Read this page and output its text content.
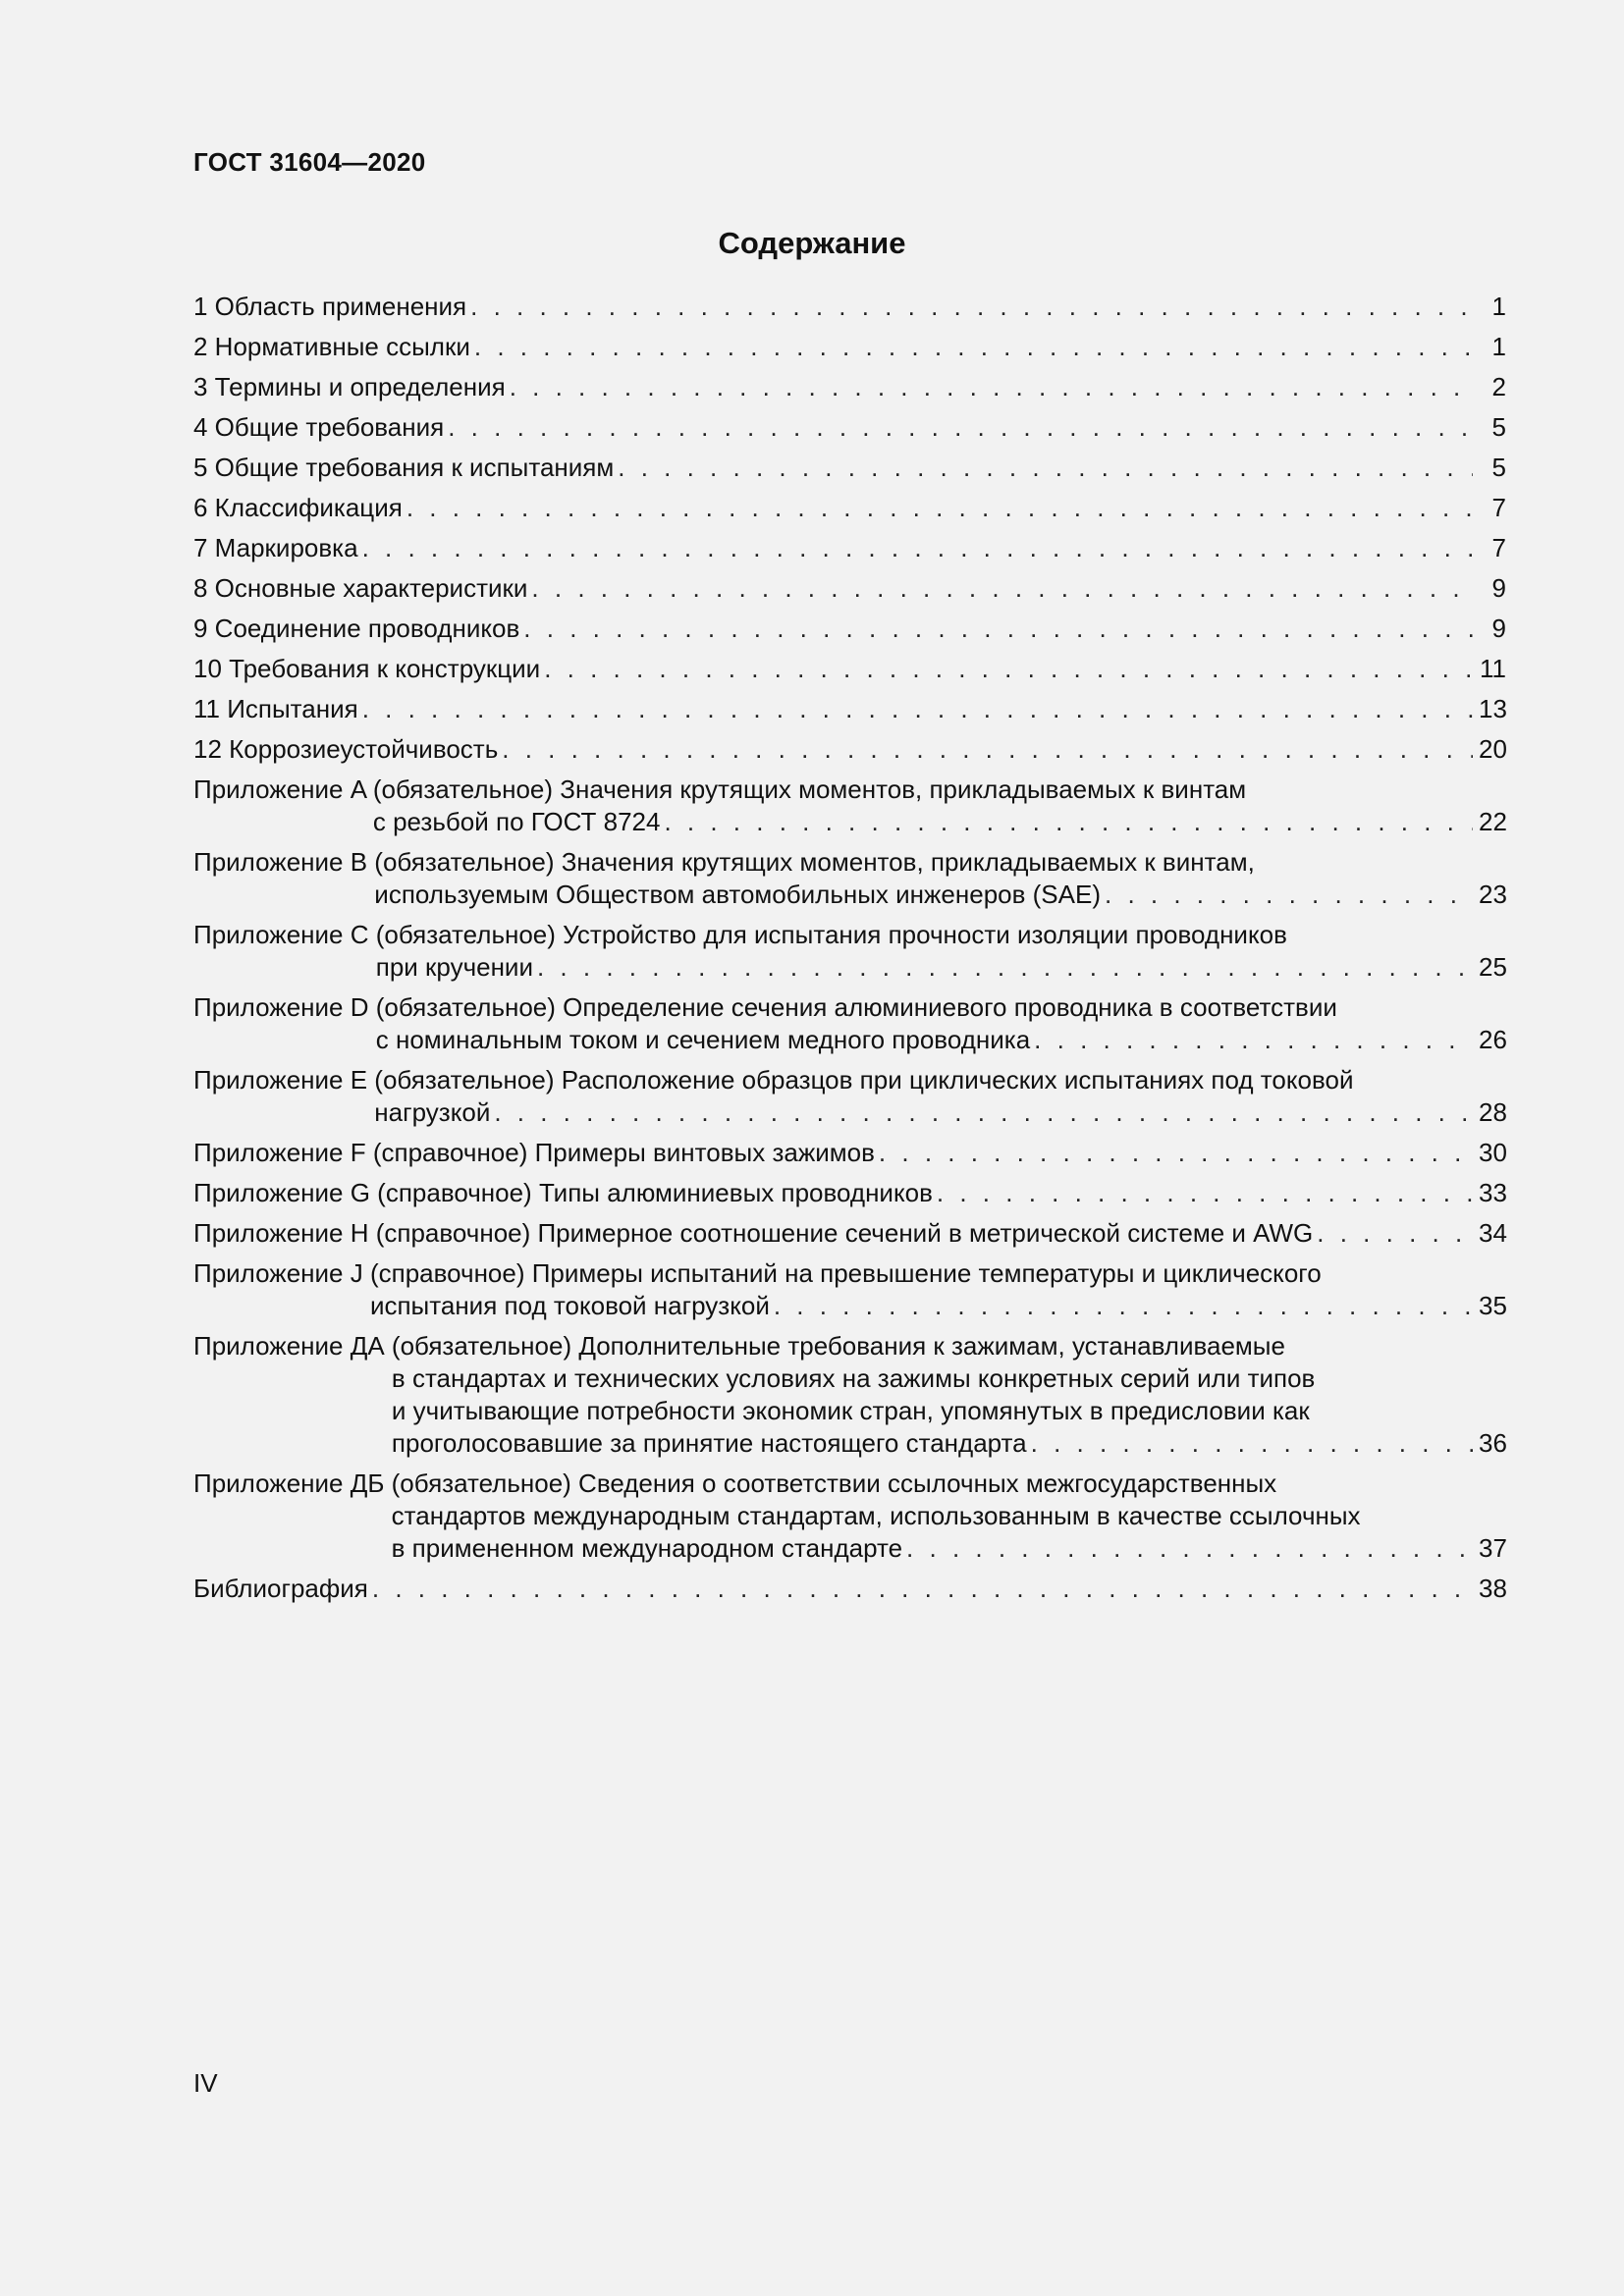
ГОСТ 31604—2020
Содержание
1 Область применения . . .	1
2 Нормативные ссылки . . .	1
3 Термины и определения . . .	2
4 Общие требования . . .	5
5 Общие требования к испытаниям . . .	5
6 Классификация . . .	7
7 Маркировка . . .	7
8 Основные характеристики . . .	9
9 Соединение проводников . . .	9
10 Требования к конструкции . . .	11
11 Испытания . . .	13
12 Коррозиеустойчивость . . .	20
Приложение A (обязательное) Значения крутящих моментов, прикладываемых к винтам
с резьбой по ГОСТ 8724 . . .	22
Приложение B (обязательное) Значения крутящих моментов, прикладываемых к винтам,
используемым Обществом автомобильных инженеров (SAE) . . .	23
Приложение C (обязательное) Устройство для испытания прочности изоляции проводников
при кручении . . .	25
Приложение D (обязательное) Определение сечения алюминиевого проводника в соответствии
с номинальным током и сечением медного проводника . . .	26
Приложение E (обязательное) Расположение образцов при циклических испытаниях под токовой
нагрузкой . . .	28
Приложение F (справочное) Примеры винтовых зажимов . . .	30
Приложение G (справочное) Типы алюминиевых проводников . . .	33
Приложение H (справочное) Примерное соотношение сечений в метрической системе и AWG . . .	34
Приложение J (справочное) Примеры испытаний на превышение температуры и циклического
испытания под токовой нагрузкой . . .	35
Приложение ДА (обязательное) Дополнительные требования к зажимам, устанавливаемые
в стандартах и технических условиях на зажимы конкретных серий или типов
и учитывающие потребности экономик стран, упомянутых в предисловии как
проголосовавшие за принятие настоящего стандарта . . .	36
Приложение ДБ (обязательное) Сведения о соответствии ссылочных межгосударственных
стандартов международным стандартам, использованным в качестве ссылочных
в примененном международном стандарте . . .	37
Библиография . . .	38
IV
